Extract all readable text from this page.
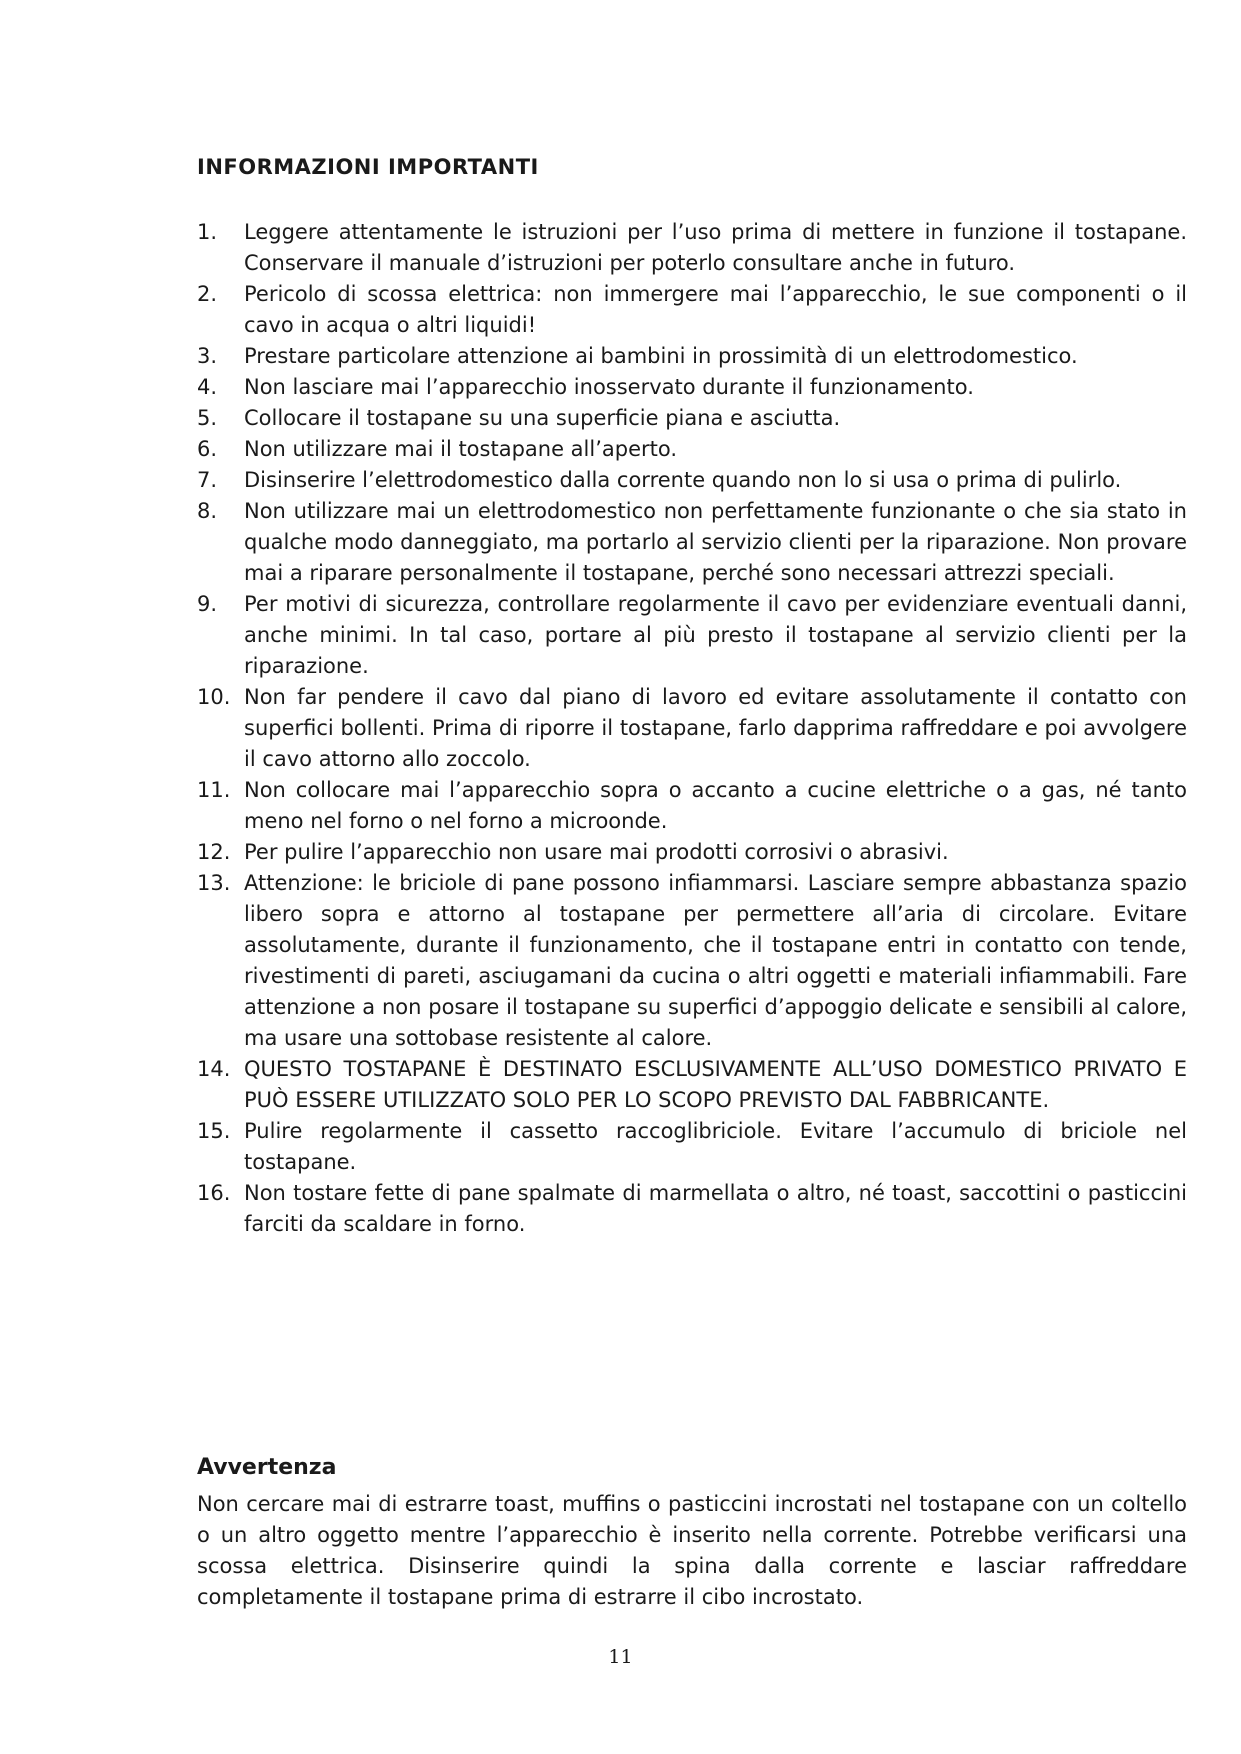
INFORMAZIONI IMPORTANTI
1. Leggere attentamente le istruzioni per l’uso prima di mettere in funzione il tostapane. Conservare il manuale d’istruzioni per poterlo consultare anche in futuro.
2. Pericolo di scossa elettrica: non immergere mai l’apparecchio, le sue componenti o il cavo in acqua o altri liquidi!
3. Prestare particolare attenzione ai bambini in prossimità di un elettrodomestico.
4. Non lasciare mai l’apparecchio inosservato durante il funzionamento.
5. Collocare il tostapane su una superficie piana e asciutta.
6. Non utilizzare mai il tostapane all’aperto.
7. Disinserire l’elettrodomestico dalla corrente quando non lo si usa o prima di pulirlo.
8. Non utilizzare mai un elettrodomestico non perfettamente funzionante o che sia stato in qualche modo danneggiato, ma portarlo al servizio clienti per la riparazione. Non provare mai a riparare personalmente il tostapane, perché sono necessari attrezzi speciali.
9. Per motivi di sicurezza, controllare regolarmente il cavo per evidenziare eventuali danni, anche minimi. In tal caso, portare al più presto il tostapane al servizio clienti per la riparazione.
10. Non far pendere il cavo dal piano di lavoro ed evitare assolutamente il contatto con superfici bollenti. Prima di riporre il tostapane, farlo dapprima raffreddare e poi avvolgere il cavo attorno allo zoccolo.
11. Non collocare mai l’apparecchio sopra o accanto a cucine elettriche o a gas, né tanto meno nel forno o nel forno a microonde.
12. Per pulire l’apparecchio non usare mai prodotti corrosivi o abrasivi.
13. Attenzione: le briciole di pane possono infiammarsi. Lasciare sempre abbastanza spazio libero sopra e attorno al tostapane per permettere all’aria di circolare. Evitare assolutamente, durante il funzionamento, che il tostapane entri in contatto con tende, rivestimenti di pareti, asciugamani da cucina o altri oggetti e materiali infiammabili. Fare attenzione a non posare il tostapane su superfici d’appoggio delicate e sensibili al calore, ma usare una sottobase resistente al calore.
14. QUESTO TOSTAPANE È DESTINATO ESCLUSIVAMENTE ALL’USO DOMESTICO PRIVATO E PUÒ ESSERE UTILIZZATO SOLO PER LO SCOPO PREVISTO DAL FABBRICANTE.
15. Pulire regolarmente il cassetto raccoglibriciole. Evitare l’accumulo di briciole nel tostapane.
16. Non tostare fette di pane spalmate di marmellata o altro, né toast, saccottini o pasticcini farciti da scaldare in forno.
Avvertenza
Non cercare mai di estrarre toast, muffins o pasticcini incrostati nel tostapane con un coltello o un altro oggetto mentre l’apparecchio è inserito nella corrente. Potrebbe verificarsi una scossa elettrica. Disinserire quindi la spina dalla corrente e lasciar raffreddare completamente il tostapane prima di estrarre il cibo incrostato.
11
